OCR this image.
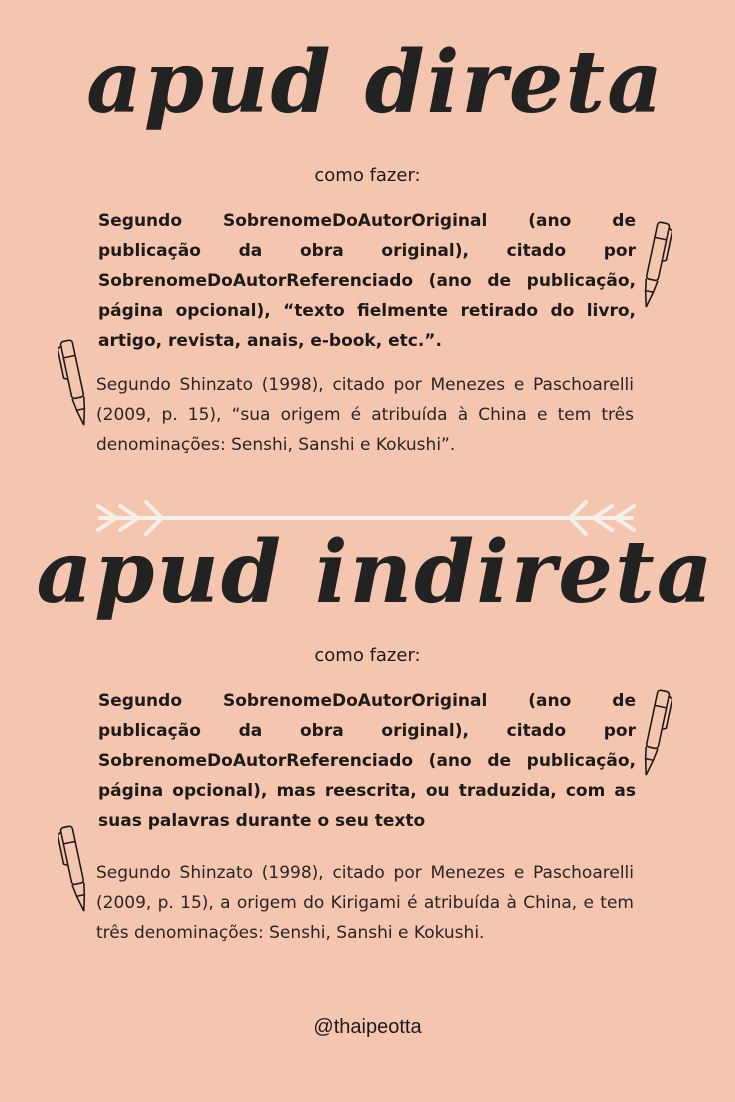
apud direta
como fazer:

Segundo SobrenomeDoAutorOriginal (ano de publicação da obra original), citado por SobrenomeDoAutorReferenciado (ano de publicação, página opcional), “texto fielmente retirado do livro, artigo, revista, anais, e-book, etc.”.

Segundo Shinzato (1998), citado por Menezes e Paschoarelli (2009, p. 15), “sua origem é atribuída à China e tem três denominações: Senshi, Sanshi e Kokushi”.

apud indireta
como fazer:

Segundo SobrenomeDoAutorOriginal (ano de publicação da obra original), citado por SobrenomeDoAutorReferenciado (ano de publicação, página opcional), mas reescrita, ou traduzida, com as suas palavras durante o seu texto

Segundo Shinzato (1998), citado por Menezes e Paschoarelli (2009, p. 15), a origem do Kirigami é atribuída à China, e tem três denominações: Senshi, Sanshi e Kokushi.

@thaipeotta
